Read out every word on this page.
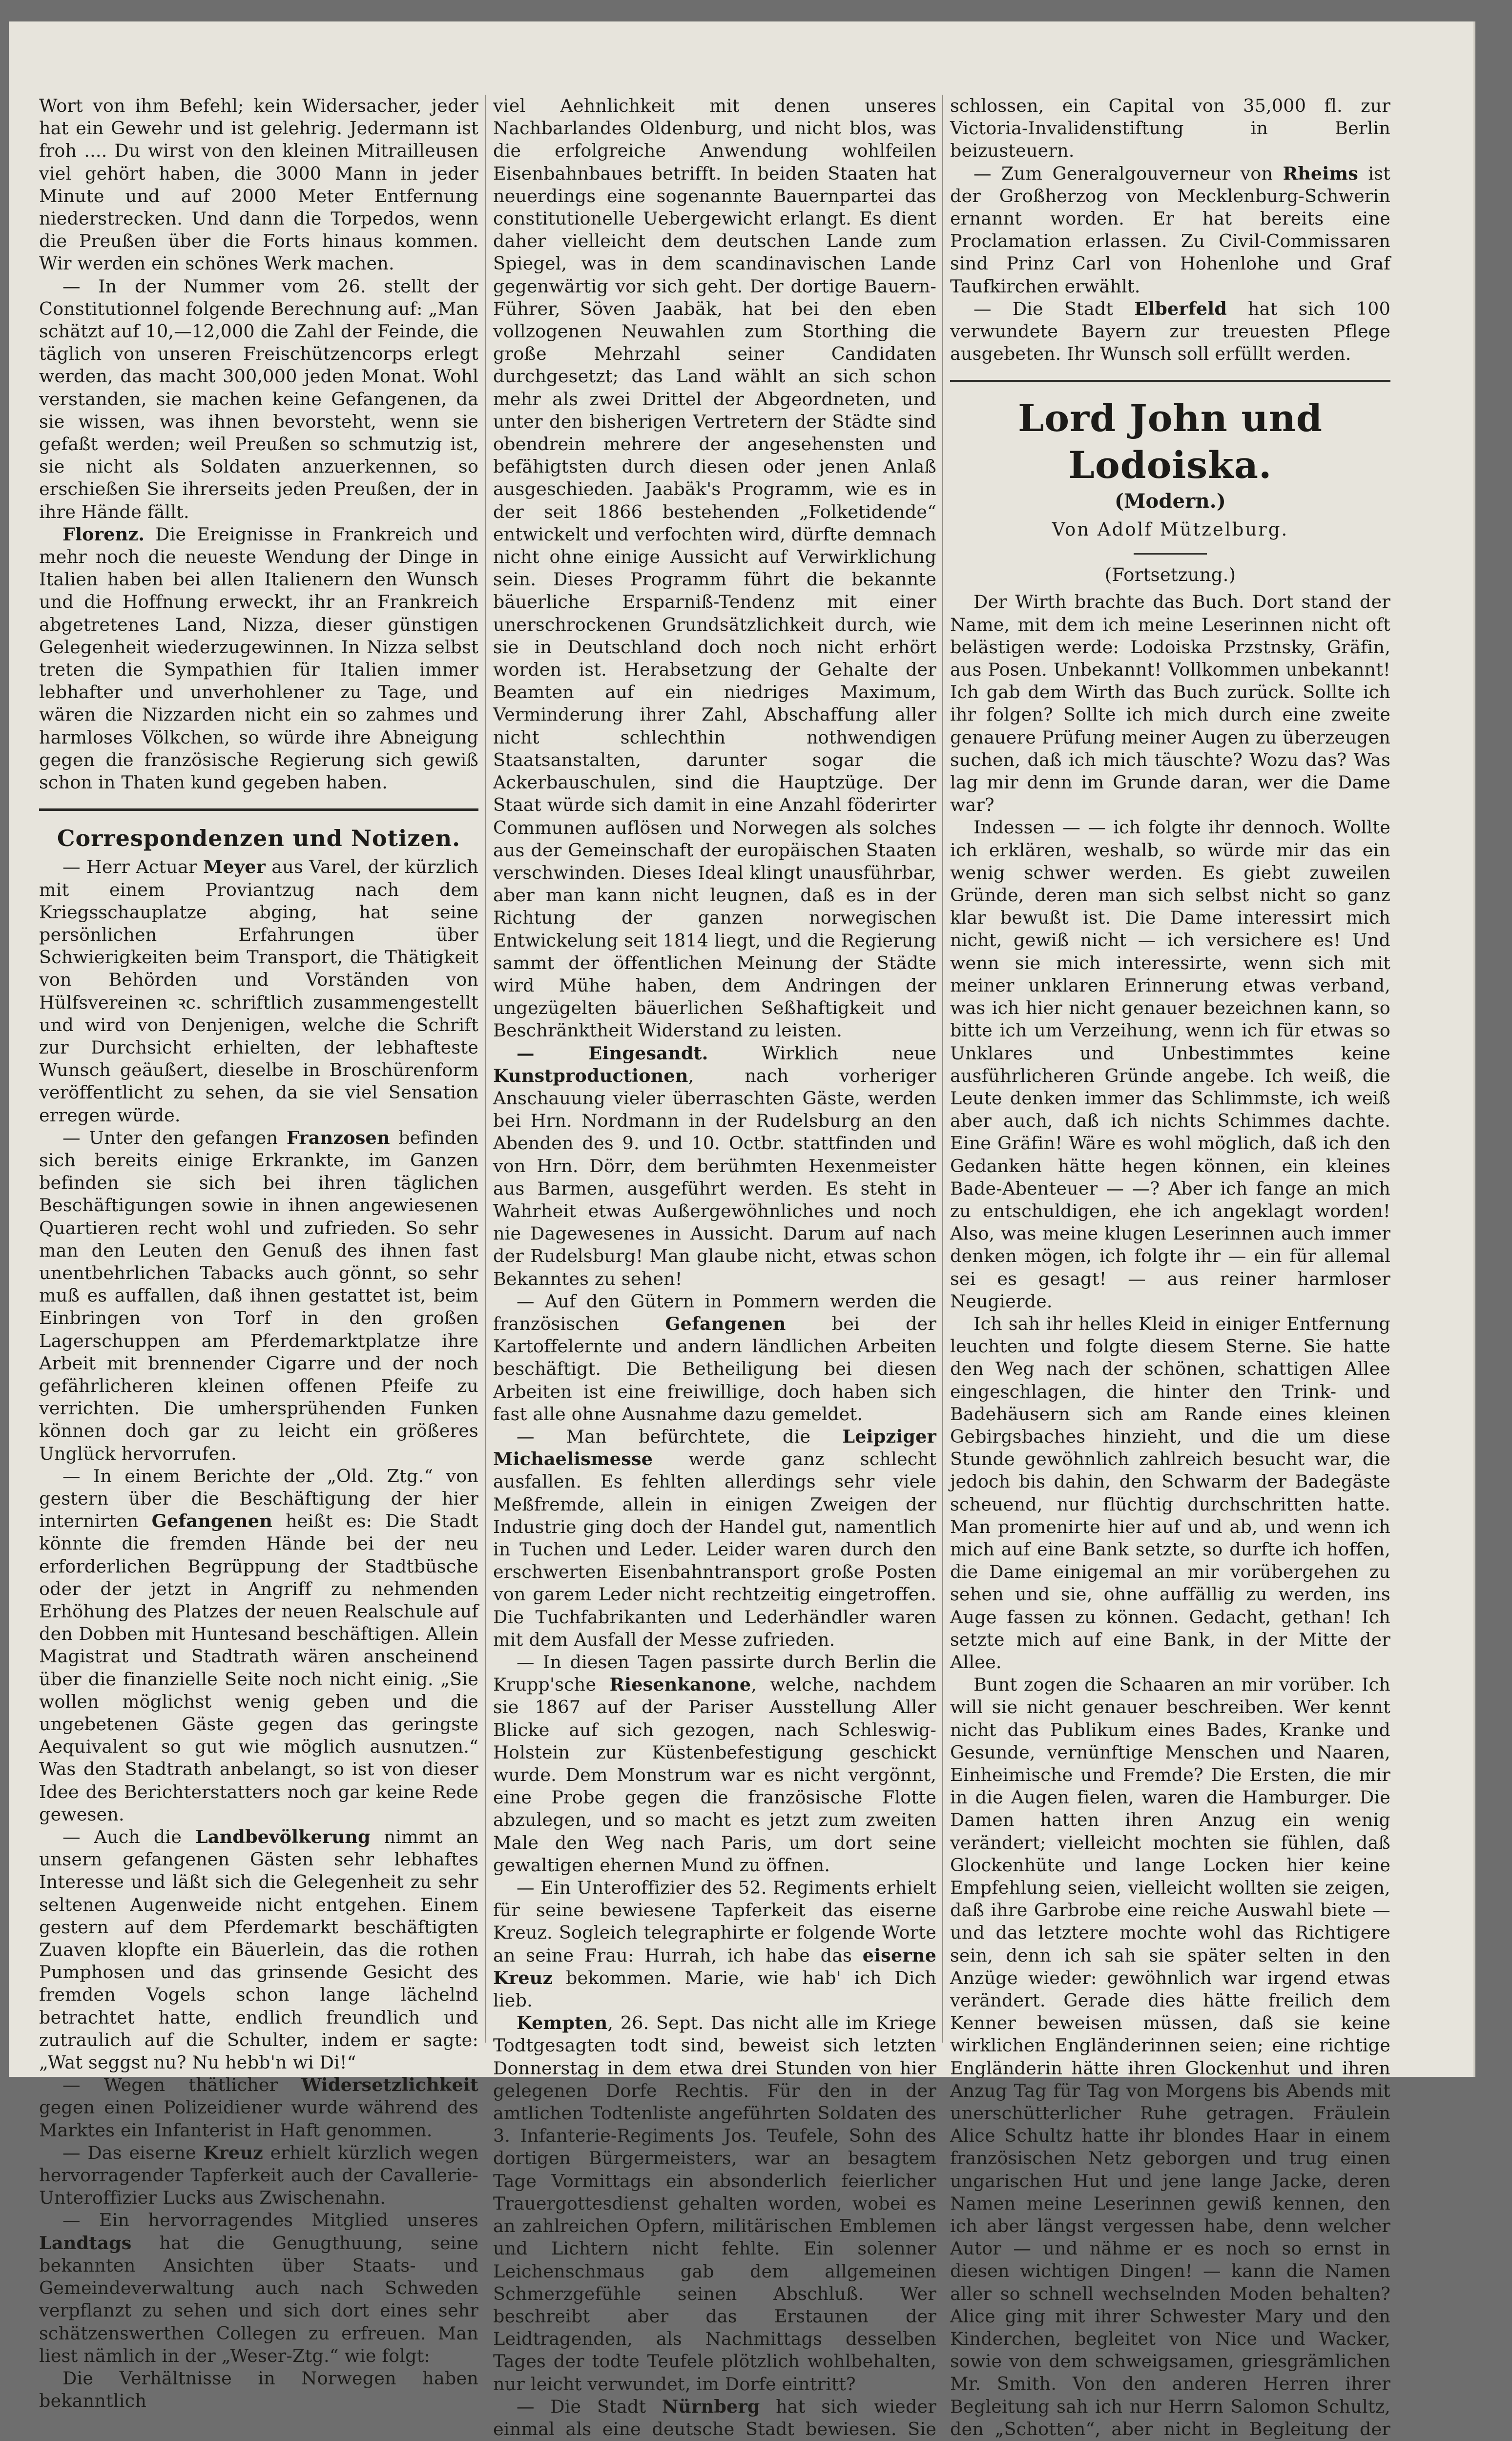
Wort von ihm Befehl; kein Widersacher, jeder hat ein Gewehr und ist gelehrig. Jedermann ist froh .... Du wirst von den kleinen Mitrailleusen viel gehört haben, die 3000 Mann in jeder Minute und auf 2000 Meter Entfernung niederstrecken. Und dann die Torpedos, wenn die Preußen über die Forts hinaus kommen. Wir werden ein schönes Werk machen.

— In der Nummer vom 26. stellt der Constitutionnel folgende Berechnung auf: „Man schätzt auf 10,—12,000 die Zahl der Feinde, die täglich von unseren Freischützencorps erlegt werden, das macht 300,000 jeden Monat. Wohl verstanden, sie machen keine Gefangenen, da sie wissen, was ihnen bevorsteht, wenn sie gefaßt werden; weil Preußen so schmutzig ist, sie nicht als Soldaten anzuerkennen, so erschießen Sie ihrerseits jeden Preußen, der in ihre Hände fällt.

Florenz. Die Ereignisse in Frankreich und mehr noch die neueste Wendung der Dinge in Italien haben bei allen Italienern den Wunsch und die Hoffnung erweckt, ihr an Frankreich abgetretenes Land, Nizza, dieser günstigen Gelegenheit wiederzugewinnen. In Nizza selbst treten die Sympathien für Italien immer lebhafter und unverhohlener zu Tage, und wären die Nizzarden nicht ein so zahmes und harmloses Völkchen, so würde ihre Abneigung gegen die französische Regierung sich gewiß schon in Thaten kund gegeben haben.

Correspondenzen und Notizen.

— Herr Actuar Meyer aus Varel, der kürzlich mit einem Proviantzug nach dem Kriegsschauplatze abging, hat seine persönlichen Erfahrungen über Schwierigkeiten beim Transport, die Thätigkeit von Behörden und Vorständen von Hülfsvereinen ꝛc. schriftlich zusammengestellt und wird von Denjenigen, welche die Schrift zur Durchsicht erhielten, der lebhafteste Wunsch geäußert, dieselbe in Broschürenform veröffentlicht zu sehen, da sie viel Sensation erregen würde.

— Unter den gefangen Franzosen befinden sich bereits einige Erkrankte, im Ganzen befinden sie sich bei ihren täglichen Beschäftigungen sowie in ihnen angewiesenen Quartieren recht wohl und zufrieden. So sehr man den Leuten den Genuß des ihnen fast unentbehrlichen Tabacks auch gönnt, so sehr muß es auffallen, daß ihnen gestattet ist, beim Einbringen von Torf in den großen Lagerschuppen am Pferdemarktplatze ihre Arbeit mit brennender Cigarre und der noch gefährlicheren kleinen offenen Pfeife zu verrichten. Die umhersprühenden Funken können doch gar zu leicht ein größeres Unglück hervorrufen.

— In einem Berichte der „Old. Ztg.“ von gestern über die Beschäftigung der hier internirten Gefangenen heißt es: Die Stadt könnte die fremden Hände bei der neu erforderlichen Begrüppung der Stadtbüsche oder der jetzt in Angriff zu nehmenden Erhöhung des Platzes der neuen Realschule auf den Dobben mit Huntesand beschäftigen. Allein Magistrat und Stadtrath wären anscheinend über die finanzielle Seite noch nicht einig. „Sie wollen möglichst wenig geben und die ungebetenen Gäste gegen das geringste Aequivalent so gut wie möglich ausnutzen.“ Was den Stadtrath anbelangt, so ist von dieser Idee des Berichterstatters noch gar keine Rede gewesen.

— Auch die Landbevölkerung nimmt an unsern gefangenen Gästen sehr lebhaftes Interesse und läßt sich die Gelegenheit zu sehr seltenen Augenweide nicht entgehen. Einem gestern auf dem Pferdemarkt beschäftigten Zuaven klopfte ein Bäuerlein, das die rothen Pumphosen und das grinsende Gesicht des fremden Vogels schon lange lächelnd betrachtet hatte, endlich freundlich und zutraulich auf die Schulter, indem er sagte: „Wat seggst nu? Nu hebb'n wi Di!“

— Wegen thätlicher Widersetzlichkeit gegen einen Polizeidiener wurde während des Marktes ein Infanterist in Haft genommen.

— Das eiserne Kreuz erhielt kürzlich wegen hervorragender Tapferkeit auch der Cavallerie-Unteroffizier Lucks aus Zwischenahn.

— Ein hervorragendes Mitglied unseres Landtags hat die Genugthuung, seine bekannten Ansichten über Staats- und Gemeindeverwaltung auch nach Schweden verpflanzt zu sehen und sich dort eines sehr schätzenswerthen Collegen zu erfreuen. Man liest nämlich in der „Weser-Ztg.“ wie folgt:

Die Verhältnisse in Norwegen haben bekanntlich

viel Aehnlichkeit mit denen unseres Nachbarlandes Oldenburg, und nicht blos, was die erfolgreiche Anwendung wohlfeilen Eisenbahnbaues betrifft. In beiden Staaten hat neuerdings eine sogenannte Bauernpartei das constitutionelle Uebergewicht erlangt. Es dient daher vielleicht dem deutschen Lande zum Spiegel, was in dem scandinavischen Lande gegenwärtig vor sich geht. Der dortige Bauern-Führer, Söven Jaabäk, hat bei den eben vollzogenen Neuwahlen zum Storthing die große Mehrzahl seiner Candidaten durchgesetzt; das Land wählt an sich schon mehr als zwei Drittel der Abgeordneten, und unter den bisherigen Vertretern der Städte sind obendrein mehrere der angesehensten und befähigtsten durch diesen oder jenen Anlaß ausgeschieden. Jaabäk's Programm, wie es in der seit 1866 bestehenden „Folketidende“ entwickelt und verfochten wird, dürfte demnach nicht ohne einige Aussicht auf Verwirklichung sein. Dieses Programm führt die bekannte bäuerliche Ersparniß-Tendenz mit einer unerschrockenen Grundsätzlichkeit durch, wie sie in Deutschland doch noch nicht erhört worden ist. Herabsetzung der Gehalte der Beamten auf ein niedriges Maximum, Verminderung ihrer Zahl, Abschaffung aller nicht schlechthin nothwendigen Staatsanstalten, darunter sogar die Ackerbauschulen, sind die Hauptzüge. Der Staat würde sich damit in eine Anzahl föderirter Communen auflösen und Norwegen als solches aus der Gemeinschaft der europäischen Staaten verschwinden. Dieses Ideal klingt unausführbar, aber man kann nicht leugnen, daß es in der Richtung der ganzen norwegischen Entwickelung seit 1814 liegt, und die Regierung sammt der öffentlichen Meinung der Städte wird Mühe haben, dem Andringen der ungezügelten bäuerlichen Seßhaftigkeit und Beschränktheit Widerstand zu leisten.

— Eingesandt. Wirklich neue Kunstproductionen, nach vorheriger Anschauung vieler überraschten Gäste, werden bei Hrn. Nordmann in der Rudelsburg an den Abenden des 9. und 10. Octbr. stattfinden und von Hrn. Dörr, dem berühmten Hexenmeister aus Barmen, ausgeführt werden. Es steht in Wahrheit etwas Außergewöhnliches und noch nie Dagewesenes in Aussicht. Darum auf nach der Rudelsburg! Man glaube nicht, etwas schon Bekanntes zu sehen!

— Auf den Gütern in Pommern werden die französischen Gefangenen bei der Kartoffelernte und andern ländlichen Arbeiten beschäftigt. Die Betheiligung bei diesen Arbeiten ist eine freiwillige, doch haben sich fast alle ohne Ausnahme dazu gemeldet.

— Man befürchtete, die Leipziger Michaelismesse werde ganz schlecht ausfallen. Es fehlten allerdings sehr viele Meßfremde, allein in einigen Zweigen der Industrie ging doch der Handel gut, namentlich in Tuchen und Leder. Leider waren durch den erschwerten Eisenbahntransport große Posten von garem Leder nicht rechtzeitig eingetroffen. Die Tuchfabrikanten und Lederhändler waren mit dem Ausfall der Messe zufrieden.

— In diesen Tagen passirte durch Berlin die Krupp'sche Riesenkanone, welche, nachdem sie 1867 auf der Pariser Ausstellung Aller Blicke auf sich gezogen, nach Schleswig-Holstein zur Küstenbefestigung geschickt wurde. Dem Monstrum war es nicht vergönnt, eine Probe gegen die französische Flotte abzulegen, und so macht es jetzt zum zweiten Male den Weg nach Paris, um dort seine gewaltigen ehernen Mund zu öffnen.

— Ein Unteroffizier des 52. Regiments erhielt für seine bewiesene Tapferkeit das eiserne Kreuz. Sogleich telegraphirte er folgende Worte an seine Frau: Hurrah, ich habe das eiserne Kreuz bekommen. Marie, wie hab' ich Dich lieb.

Kempten, 26. Sept. Das nicht alle im Kriege Todtgesagten todt sind, beweist sich letzten Donnerstag in dem etwa drei Stunden von hier gelegenen Dorfe Rechtis. Für den in der amtlichen Todtenliste angeführten Soldaten des 3. Infanterie-Regiments Jos. Teufele, Sohn des dortigen Bürgermeisters, war an besagtem Tage Vormittags ein absonderlich feierlicher Trauergottesdienst gehalten worden, wobei es an zahlreichen Opfern, militärischen Emblemen und Lichtern nicht fehlte. Ein solenner Leichenschmaus gab dem allgemeinen Schmerzgefühle seinen Abschluß. Wer beschreibt aber das Erstaunen der Leidtragenden, als Nachmittags desselben Tages der todte Teufele plötzlich wohlbehalten, nur leicht verwundet, im Dorfe eintritt?

— Die Stadt Nürnberg hat sich wieder einmal als eine deutsche Stadt bewiesen. Sie

schlossen, ein Capital von 35,000 fl. zur Victoria-Invalidenstiftung in Berlin beizusteuern.

— Zum Generalgouverneur von Rheims ist der Großherzog von Mecklenburg-Schwerin ernannt worden. Er hat bereits eine Proclamation erlassen. Zu Civil-Commissaren sind Prinz Carl von Hohenlohe und Graf Taufkirchen erwählt.

— Die Stadt Elberfeld hat sich 100 verwundete Bayern zur treuesten Pflege ausgebeten. Ihr Wunsch soll erfüllt werden.

Lord John und Lodoiska.
(Modern.)
Von Adolf Mützelburg.
(Fortsetzung.)

Der Wirth brachte das Buch. Dort stand der Name, mit dem ich meine Leserinnen nicht oft belästigen werde: Lodoiska Przstnsky, Gräfin, aus Posen. Unbekannt! Vollkommen unbekannt! Ich gab dem Wirth das Buch zurück. Sollte ich ihr folgen? Sollte ich mich durch eine zweite genauere Prüfung meiner Augen zu überzeugen suchen, daß ich mich täuschte? Wozu das? Was lag mir denn im Grunde daran, wer die Dame war?

Indessen — — ich folgte ihr dennoch. Wollte ich erklären, weshalb, so würde mir das ein wenig schwer werden. Es giebt zuweilen Gründe, deren man sich selbst nicht so ganz klar bewußt ist. Die Dame interessirt mich nicht, gewiß nicht — ich versichere es! Und wenn sie mich interessirte, wenn sich mit meiner unklaren Erinnerung etwas verband, was ich hier nicht genauer bezeichnen kann, so bitte ich um Verzeihung, wenn ich für etwas so Unklares und Unbestimmtes keine ausführlicheren Gründe angebe. Ich weiß, die Leute denken immer das Schlimmste, ich weiß aber auch, daß ich nichts Schimmes dachte. Eine Gräfin! Wäre es wohl möglich, daß ich den Gedanken hätte hegen können, ein kleines Bade-Abenteuer — —? Aber ich fange an mich zu entschuldigen, ehe ich angeklagt worden! Also, was meine klugen Leserinnen auch immer denken mögen, ich folgte ihr — ein für allemal sei es gesagt! — aus reiner harmloser Neugierde.

Ich sah ihr helles Kleid in einiger Entfernung leuchten und folgte diesem Sterne. Sie hatte den Weg nach der schönen, schattigen Allee eingeschlagen, die hinter den Trink- und Badehäusern sich am Rande eines kleinen Gebirgsbaches hinzieht, und die um diese Stunde gewöhnlich zahlreich besucht war, die jedoch bis dahin, den Schwarm der Badegäste scheuend, nur flüchtig durchschritten hatte. Man promenirte hier auf und ab, und wenn ich mich auf eine Bank setzte, so durfte ich hoffen, die Dame einigemal an mir vorübergehen zu sehen und sie, ohne auffällig zu werden, ins Auge fassen zu können. Gedacht, gethan! Ich setzte mich auf eine Bank, in der Mitte der Allee.

Bunt zogen die Schaaren an mir vorüber. Ich will sie nicht genauer beschreiben. Wer kennt nicht das Publikum eines Bades, Kranke und Gesunde, vernünftige Menschen und Naaren, Einheimische und Fremde? Die Ersten, die mir in die Augen fielen, waren die Hamburger. Die Damen hatten ihren Anzug ein wenig verändert; vielleicht mochten sie fühlen, daß Glockenhüte und lange Locken hier keine Empfehlung seien, vielleicht wollten sie zeigen, daß ihre Garbrobe eine reiche Auswahl biete — und das letztere mochte wohl das Richtigere sein, denn ich sah sie später selten in den Anzüge wieder: gewöhnlich war irgend etwas verändert. Gerade dies hätte freilich dem Kenner beweisen müssen, daß sie keine wirklichen Engländerinnen seien; eine richtige Engländerin hätte ihren Glockenhut und ihren Anzug Tag für Tag von Morgens bis Abends mit unerschütterlicher Ruhe getragen. Fräulein Alice Schultz hatte ihr blondes Haar in einem französischen Netz geborgen und trug einen ungarischen Hut und jene lange Jacke, deren Namen meine Leserinnen gewiß kennen, den ich aber längst vergessen habe, denn welcher Autor — und nähme er es noch so ernst in diesen wichtigen Dingen! — kann die Namen aller so schnell wechselnden Moden behalten? Alice ging mit ihrer Schwester Mary und den Kinderchen, begleitet von Nice und Wacker, sowie von dem schweigsamen, griesgrämlichen Mr. Smith. Von den anderen Herren ihrer Begleitung sah ich nur Herrn Salomon Schultz, den „Schotten“, aber nicht in Begleitung der
